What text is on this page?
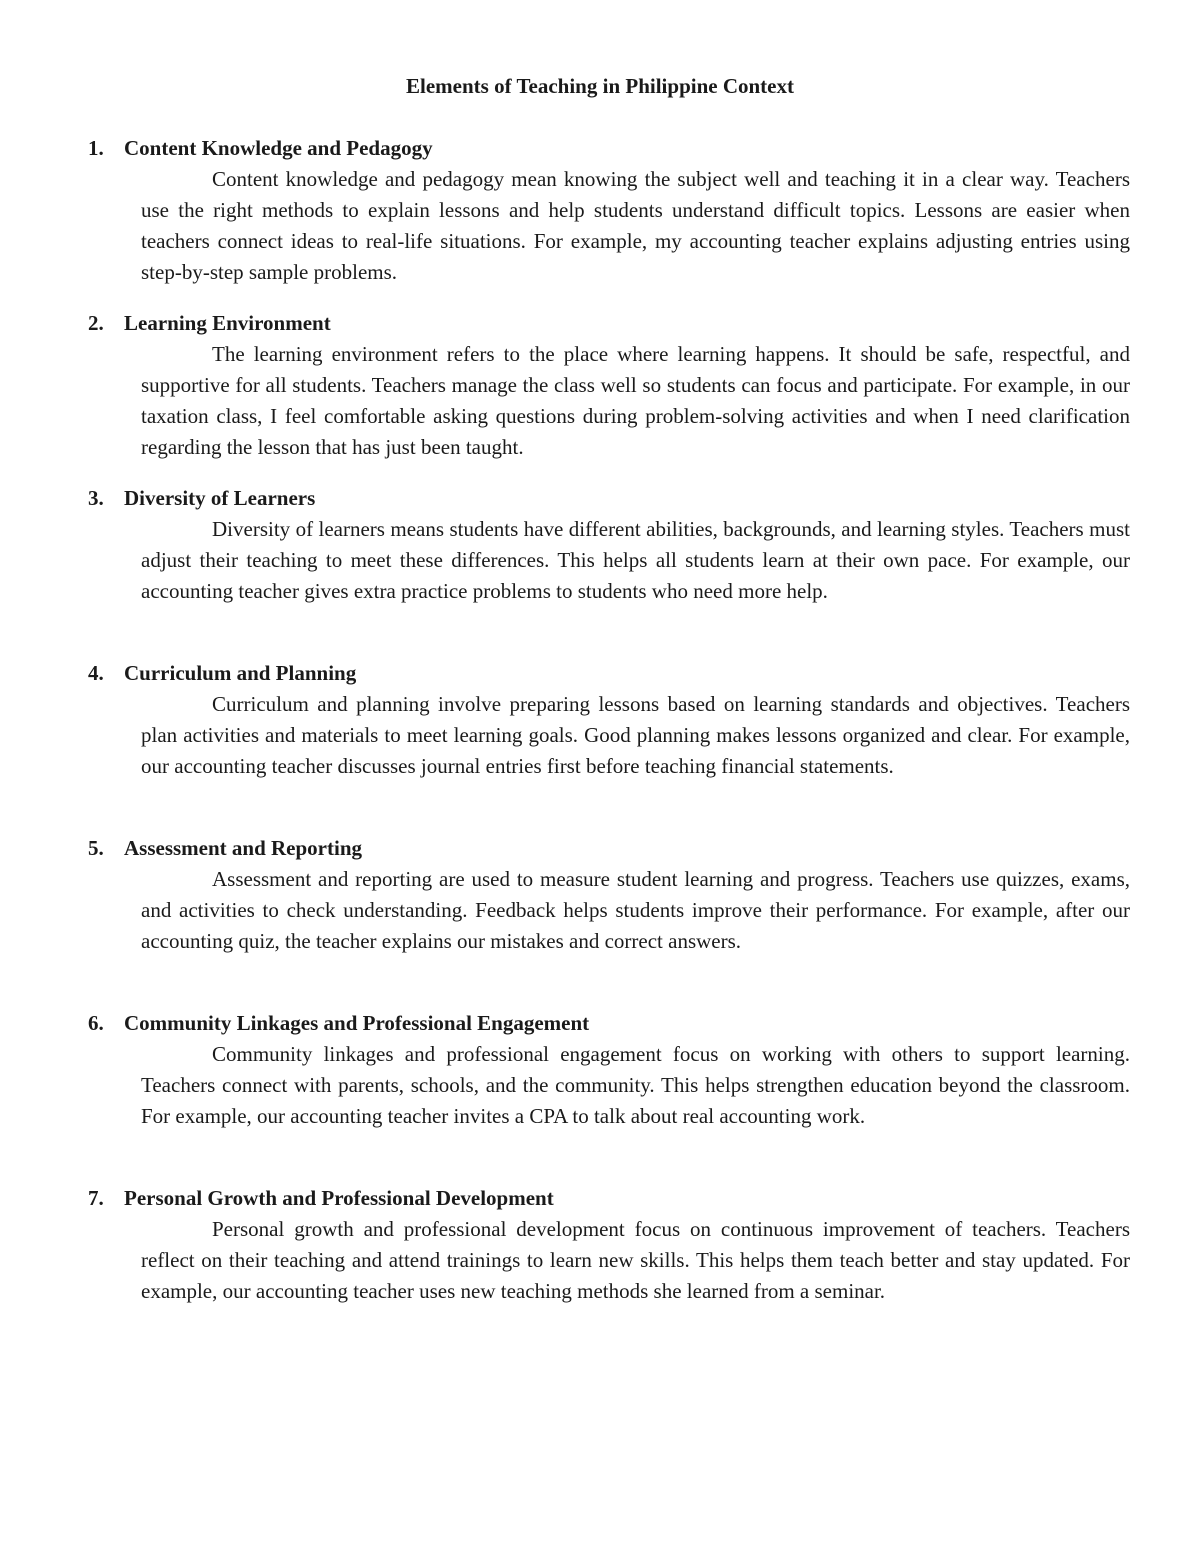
Elements of Teaching in Philippine Context
1. Content Knowledge and Pedagogy
Content knowledge and pedagogy mean knowing the subject well and teaching it in a clear way. Teachers use the right methods to explain lessons and help students understand difficult topics. Lessons are easier when teachers connect ideas to real-life situations. For example, my accounting teacher explains adjusting entries using step-by-step sample problems.
2. Learning Environment
The learning environment refers to the place where learning happens. It should be safe, respectful, and supportive for all students. Teachers manage the class well so students can focus and participate. For example, in our taxation class, I feel comfortable asking questions during problem-solving activities and when I need clarification regarding the lesson that has just been taught.
3. Diversity of Learners
Diversity of learners means students have different abilities, backgrounds, and learning styles. Teachers must adjust their teaching to meet these differences. This helps all students learn at their own pace. For example, our accounting teacher gives extra practice problems to students who need more help.
4. Curriculum and Planning
Curriculum and planning involve preparing lessons based on learning standards and objectives. Teachers plan activities and materials to meet learning goals. Good planning makes lessons organized and clear. For example, our accounting teacher discusses journal entries first before teaching financial statements.
5. Assessment and Reporting
Assessment and reporting are used to measure student learning and progress. Teachers use quizzes, exams, and activities to check understanding. Feedback helps students improve their performance. For example, after our accounting quiz, the teacher explains our mistakes and correct answers.
6. Community Linkages and Professional Engagement
Community linkages and professional engagement focus on working with others to support learning. Teachers connect with parents, schools, and the community. This helps strengthen education beyond the classroom. For example, our accounting teacher invites a CPA to talk about real accounting work.
7. Personal Growth and Professional Development
Personal growth and professional development focus on continuous improvement of teachers. Teachers reflect on their teaching and attend trainings to learn new skills. This helps them teach better and stay updated. For example, our accounting teacher uses new teaching methods she learned from a seminar.
